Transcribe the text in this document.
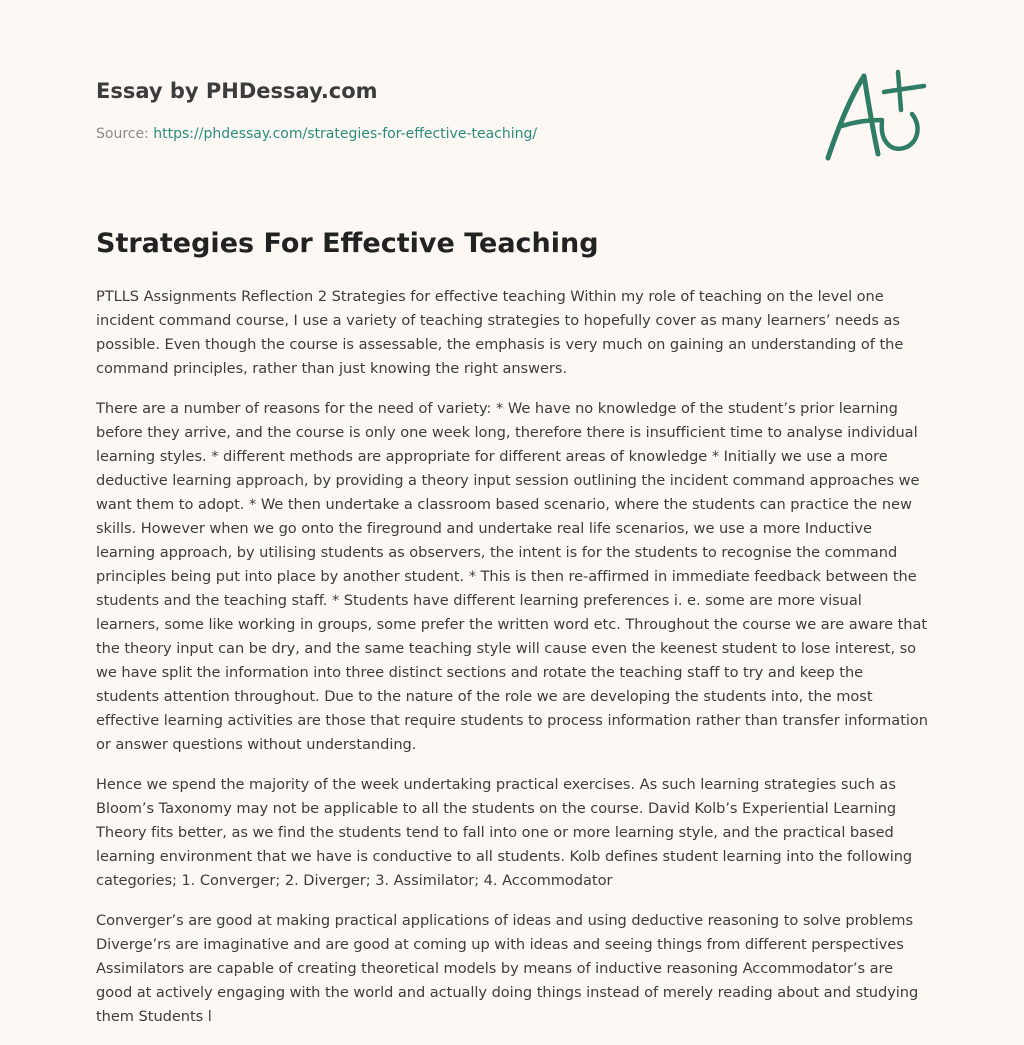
Essay by PHDessay.com
Source: https://phdessay.com/strategies-for-effective-teaching/
Strategies For Effective Teaching

PTLLS Assignments Reflection 2 Strategies for effective teaching Within my role of teaching on the level one incident command course, I use a variety of teaching strategies to hopefully cover as many learners’ needs as possible. Even though the course is assessable, the emphasis is very much on gaining an understanding of the command principles, rather than just knowing the right answers.

There are a number of reasons for the need of variety: * We have no knowledge of the student’s prior learning before they arrive, and the course is only one week long, therefore there is insufficient time to analyse individual learning styles. * different methods are appropriate for different areas of knowledge * Initially we use a more deductive learning approach, by providing a theory input session outlining the incident command approaches we want them to adopt. * We then undertake a classroom based scenario, where the students can practice the new skills. However when we go onto the fireground and undertake real life scenarios, we use a more Inductive learning approach, by utilising students as observers, the intent is for the students to recognise the command principles being put into place by another student. * This is then re-affirmed in immediate feedback between the students and the teaching staff. * Students have different learning preferences i. e. some are more visual learners, some like working in groups, some prefer the written word etc. Throughout the course we are aware that the theory input can be dry, and the same teaching style will cause even the keenest student to lose interest, so we have split the information into three distinct sections and rotate the teaching staff to try and keep the students attention throughout. Due to the nature of the role we are developing the students into, the most effective learning activities are those that require students to process information rather than transfer information or answer questions without understanding.

Hence we spend the majority of the week undertaking practical exercises. As such learning strategies such as Bloom’s Taxonomy may not be applicable to all the students on the course. David Kolb’s Experiential Learning Theory fits better, as we find the students tend to fall into one or more learning style, and the practical based learning environment that we have is conductive to all students. Kolb defines student learning into the following categories; 1. Converger; 2. Diverger; 3. Assimilator; 4. Accommodator

Converger’s are good at making practical applications of ideas and using deductive reasoning to solve problems Diverge’rs are imaginative and are good at coming up with ideas and seeing things from different perspectives Assimilators are capable of creating theoretical models by means of inductive reasoning Accommodator’s are good at actively engaging with the world and actually doing things instead of merely reading about and studying them Students l
